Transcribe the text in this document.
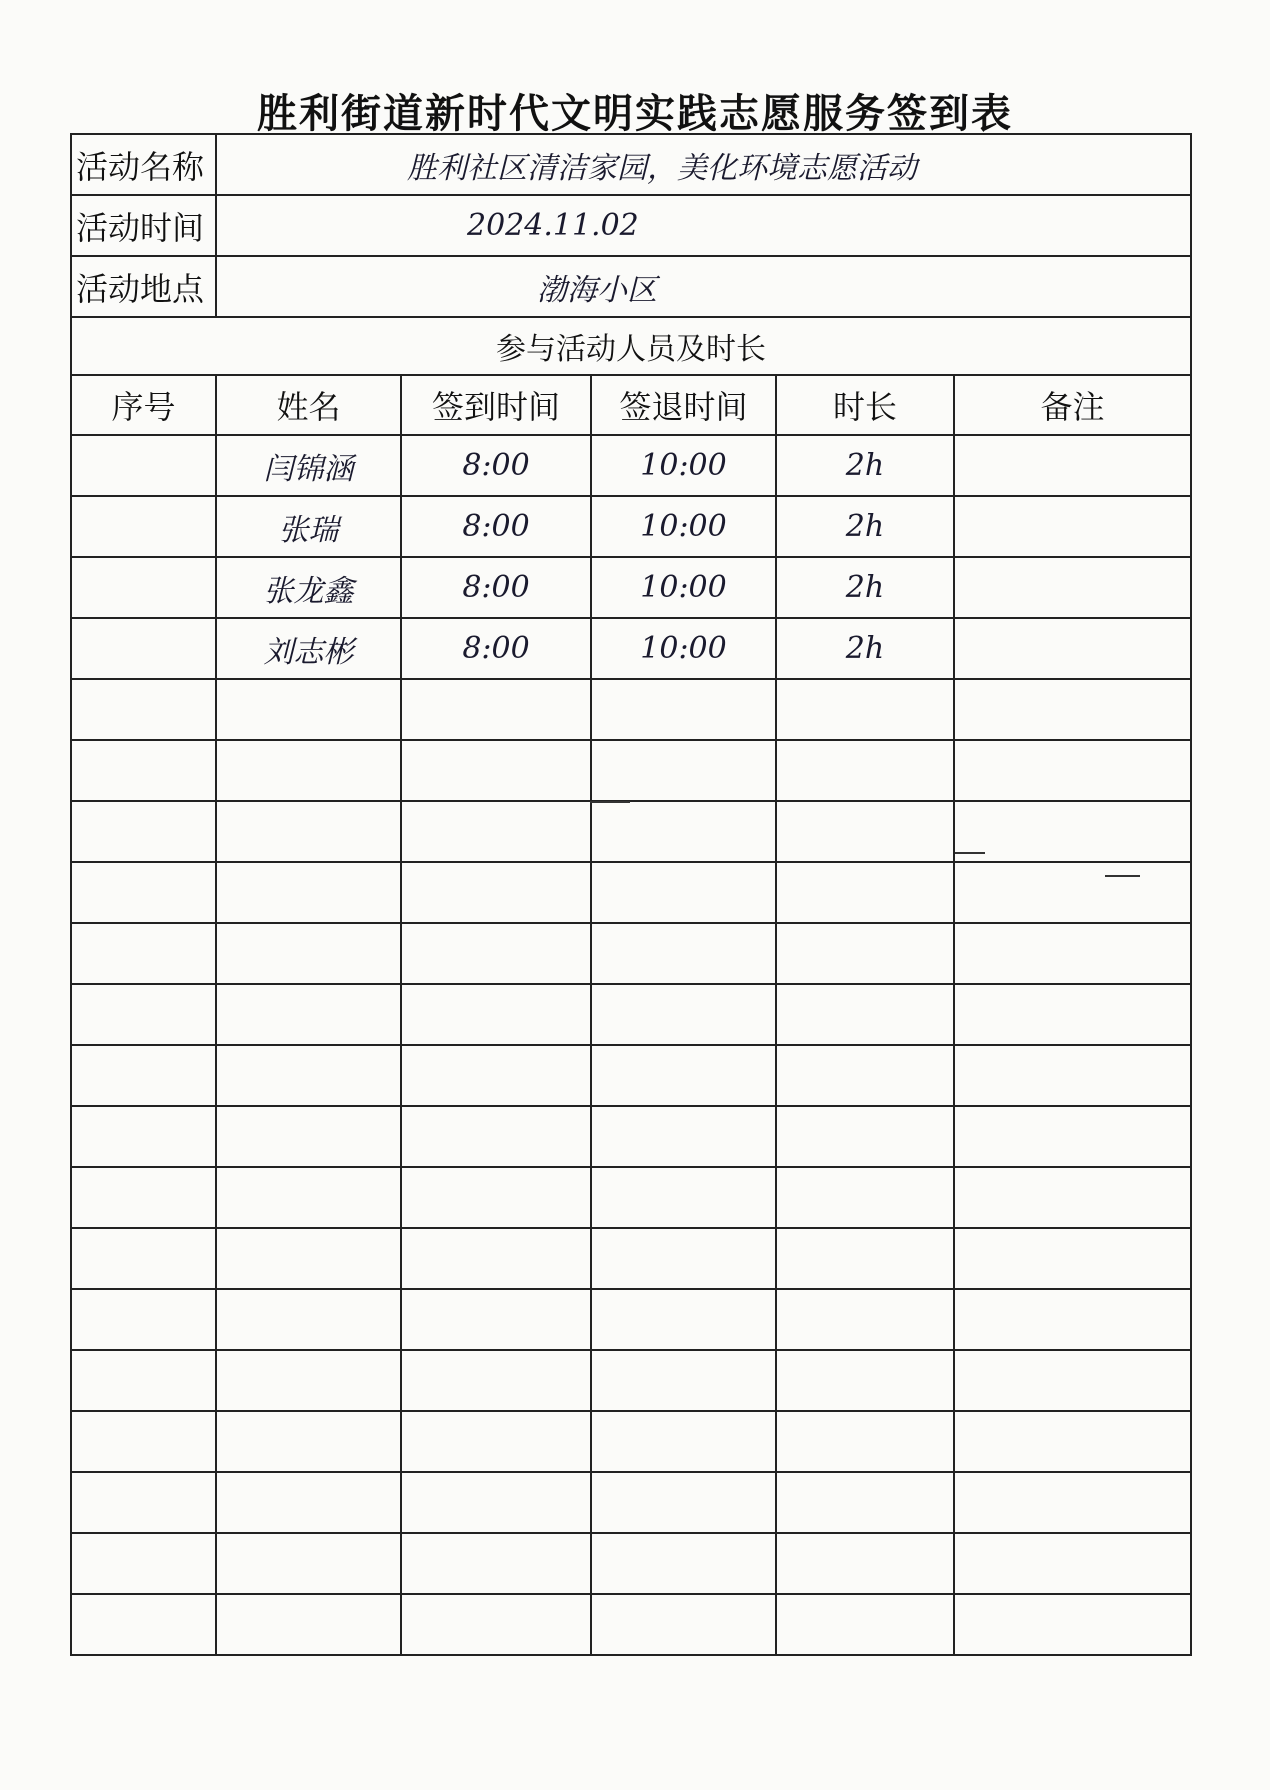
胜利街道新时代文明实践志愿服务签到表
活动名称	胜利社区清洁家园，美化环境志愿活动				
活动时间	2024.11.02				
活动地点	渤海小区				
参与活动人员及时长					
序号	姓名	签到时间	签退时间	时长	备注
	闫锦涵	8:00	10:00	2h	
	张瑞	8:00	10:00	2h	
	张龙鑫	8:00	10:00	2h	
	刘志彬	8:00	10:00	2h	
